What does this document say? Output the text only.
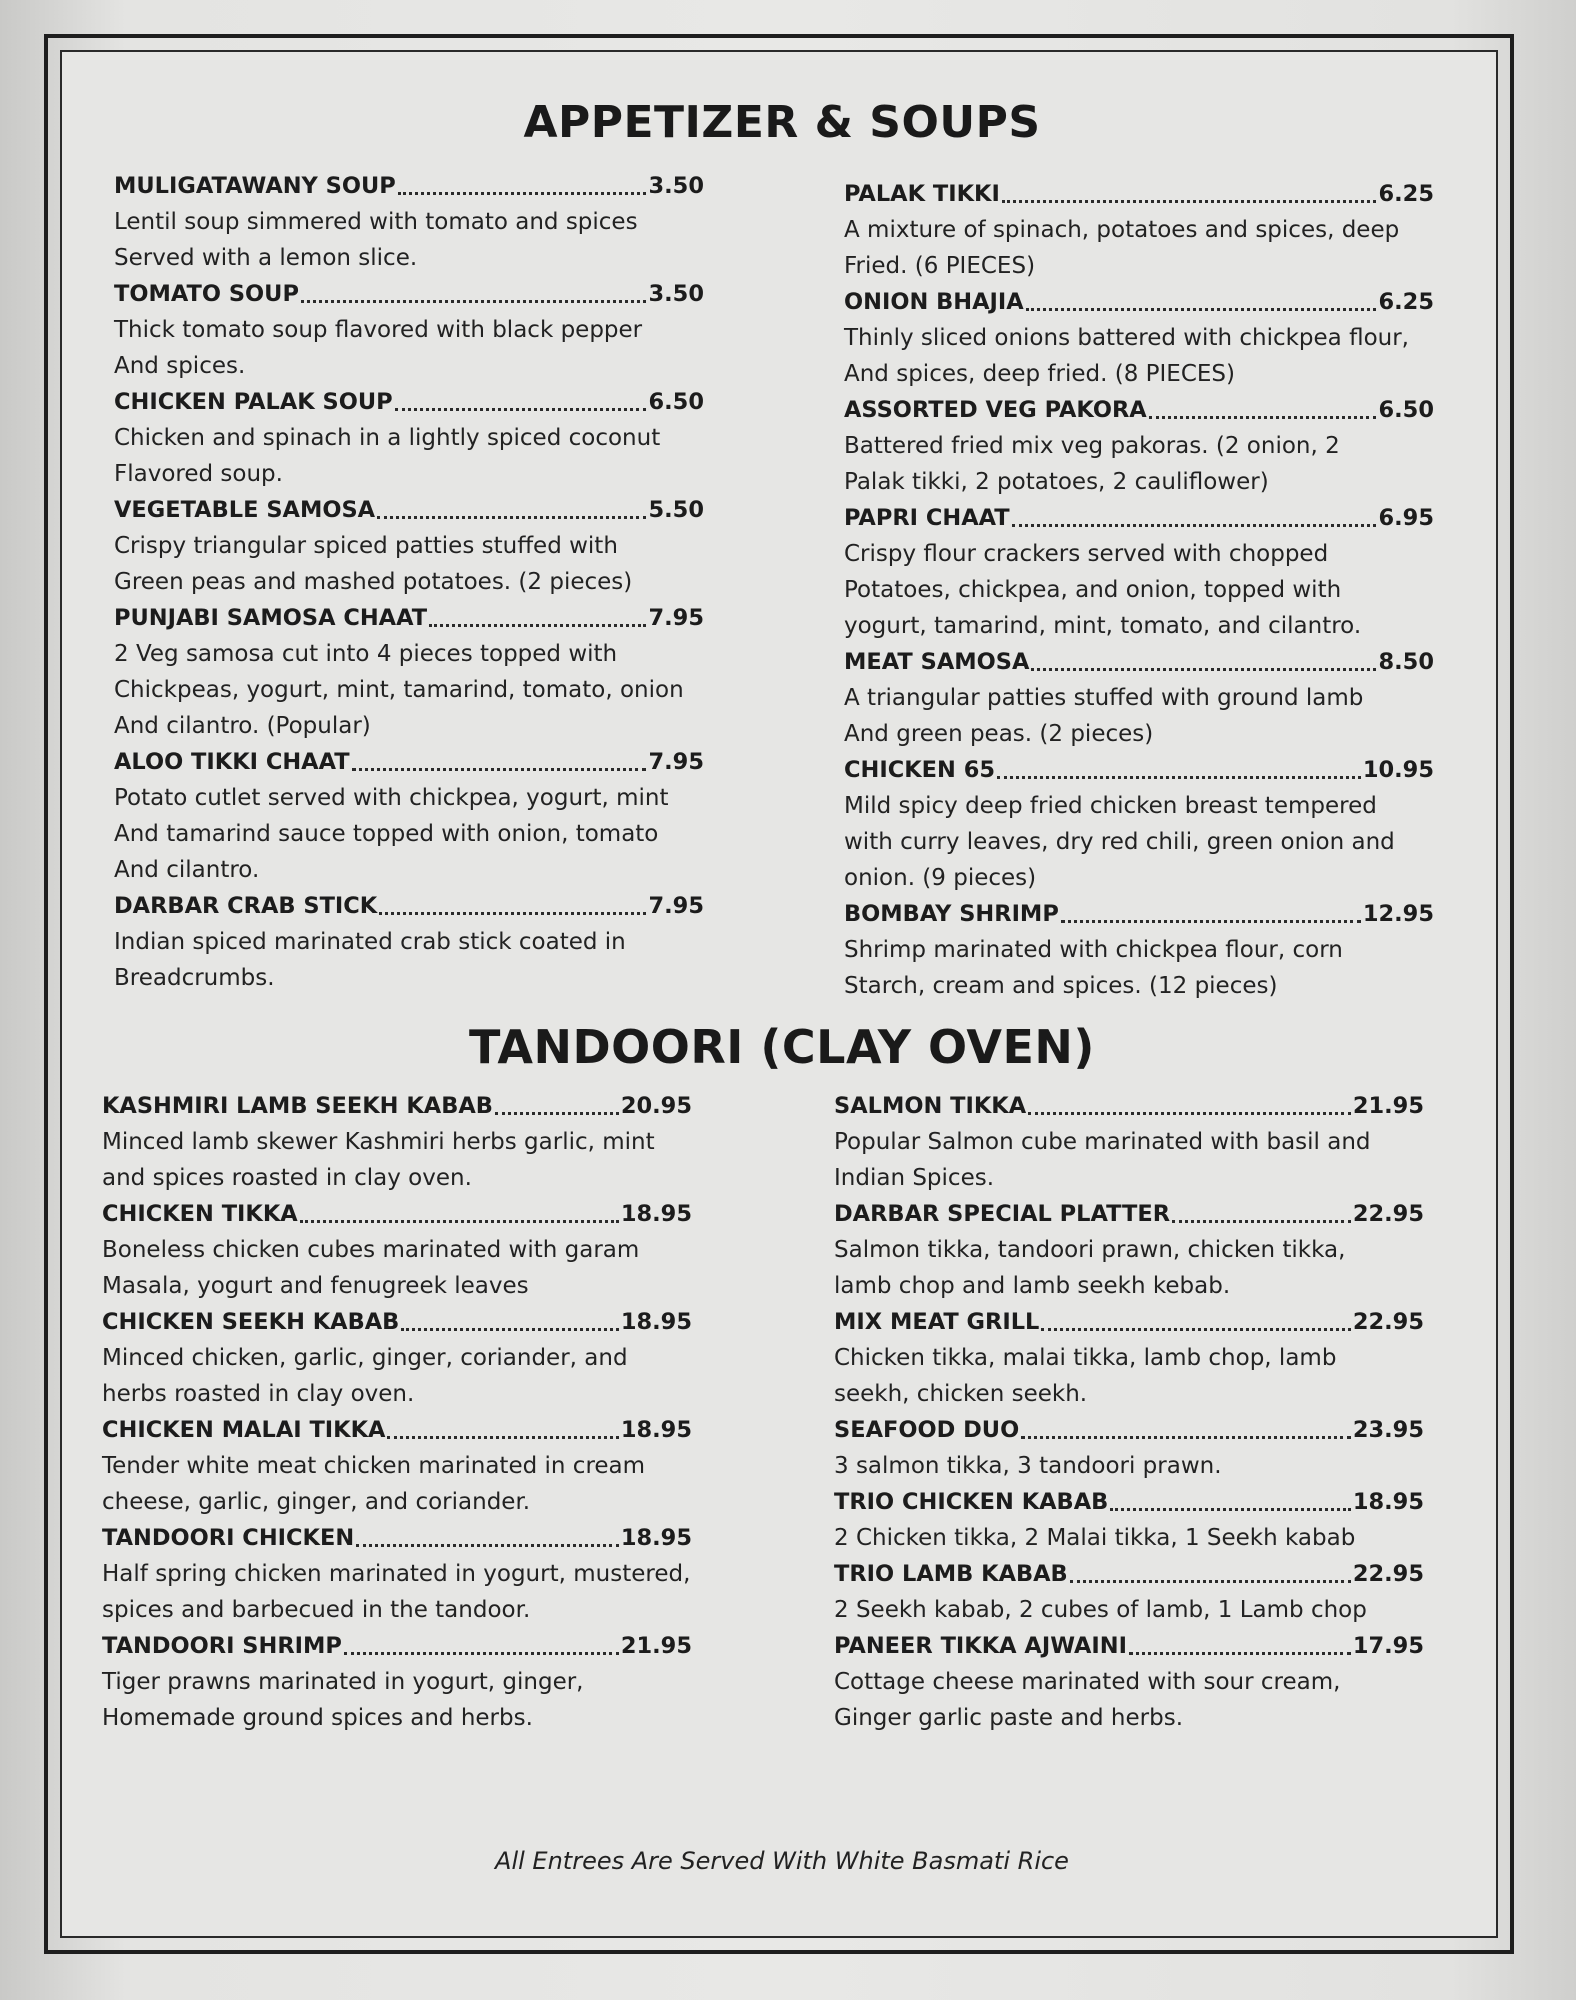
APPETIZER & SOUPS
MULIGATAWANY SOUP	3.50

Lentil soup simmered with tomato and spices
Served with a lemon slice.

TOMATO SOUP	3.50

Thick tomato soup flavored with black pepper
And spices.

CHICKEN PALAK SOUP	6.50

Chicken and spinach in a lightly spiced coconut
Flavored soup.

VEGETABLE SAMOSA	5.50

Crispy triangular spiced patties stuffed with
Green peas and mashed potatoes. (2 pieces)

PUNJABI SAMOSA CHAAT	7.95

2 Veg samosa cut into 4 pieces topped with
Chickpeas, yogurt, mint, tamarind, tomato, onion
And cilantro. (Popular)

ALOO TIKKI CHAAT	7.95

Potato cutlet served with chickpea, yogurt, mint
And tamarind sauce topped with onion, tomato
And cilantro.

DARBAR CRAB STICK	7.95

Indian spiced marinated crab stick coated in
Breadcrumbs.

PALAK TIKKI	6.25

A mixture of spinach, potatoes and spices, deep
Fried. (6 PIECES)

ONION BHAJIA	6.25

Thinly sliced onions battered with chickpea flour,
And spices, deep fried. (8 PIECES)

ASSORTED VEG PAKORA	6.50

Battered fried mix veg pakoras. (2 onion, 2
Palak tikki, 2 potatoes, 2 cauliflower)

PAPRI CHAAT	6.95

Crispy flour crackers served with chopped
Potatoes, chickpea, and onion, topped with
yogurt, tamarind, mint, tomato, and cilantro.

MEAT SAMOSA	8.50

A triangular patties stuffed with ground lamb
And green peas. (2 pieces)

CHICKEN 65	10.95

Mild spicy deep fried chicken breast tempered
with curry leaves, dry red chili, green onion and
onion. (9 pieces)

BOMBAY SHRIMP	12.95

Shrimp marinated with chickpea flour, corn
Starch, cream and spices. (12 pieces)

TANDOORI (CLAY OVEN)
KASHMIRI LAMB SEEKH KABAB	20.95

Minced lamb skewer Kashmiri herbs garlic, mint
and spices roasted in clay oven.

CHICKEN TIKKA	18.95

Boneless chicken cubes marinated with garam
Masala, yogurt and fenugreek leaves

CHICKEN SEEKH KABAB	18.95

Minced chicken, garlic, ginger, coriander, and
herbs roasted in clay oven.

CHICKEN MALAI TIKKA	18.95

Tender white meat chicken marinated in cream
cheese, garlic, ginger, and coriander.

TANDOORI CHICKEN	18.95

Half spring chicken marinated in yogurt, mustered,
spices and barbecued in the tandoor.

TANDOORI SHRIMP	21.95

Tiger prawns marinated in yogurt, ginger,
Homemade ground spices and herbs.

SALMON TIKKA	21.95

Popular Salmon cube marinated with basil and
Indian Spices.

DARBAR SPECIAL PLATTER	22.95

Salmon tikka, tandoori prawn, chicken tikka,
lamb chop and lamb seekh kebab.

MIX MEAT GRILL	22.95

Chicken tikka, malai tikka, lamb chop, lamb
seekh, chicken seekh.

SEAFOOD DUO	23.95

3 salmon tikka, 3 tandoori prawn.

TRIO CHICKEN KABAB	18.95

2 Chicken tikka, 2 Malai tikka, 1 Seekh kabab

TRIO LAMB KABAB	22.95

2 Seekh kabab, 2 cubes of lamb, 1 Lamb chop

PANEER TIKKA AJWAINI	17.95

Cottage cheese marinated with sour cream,
Ginger garlic paste and herbs.

All Entrees Are Served With White Basmati Rice
